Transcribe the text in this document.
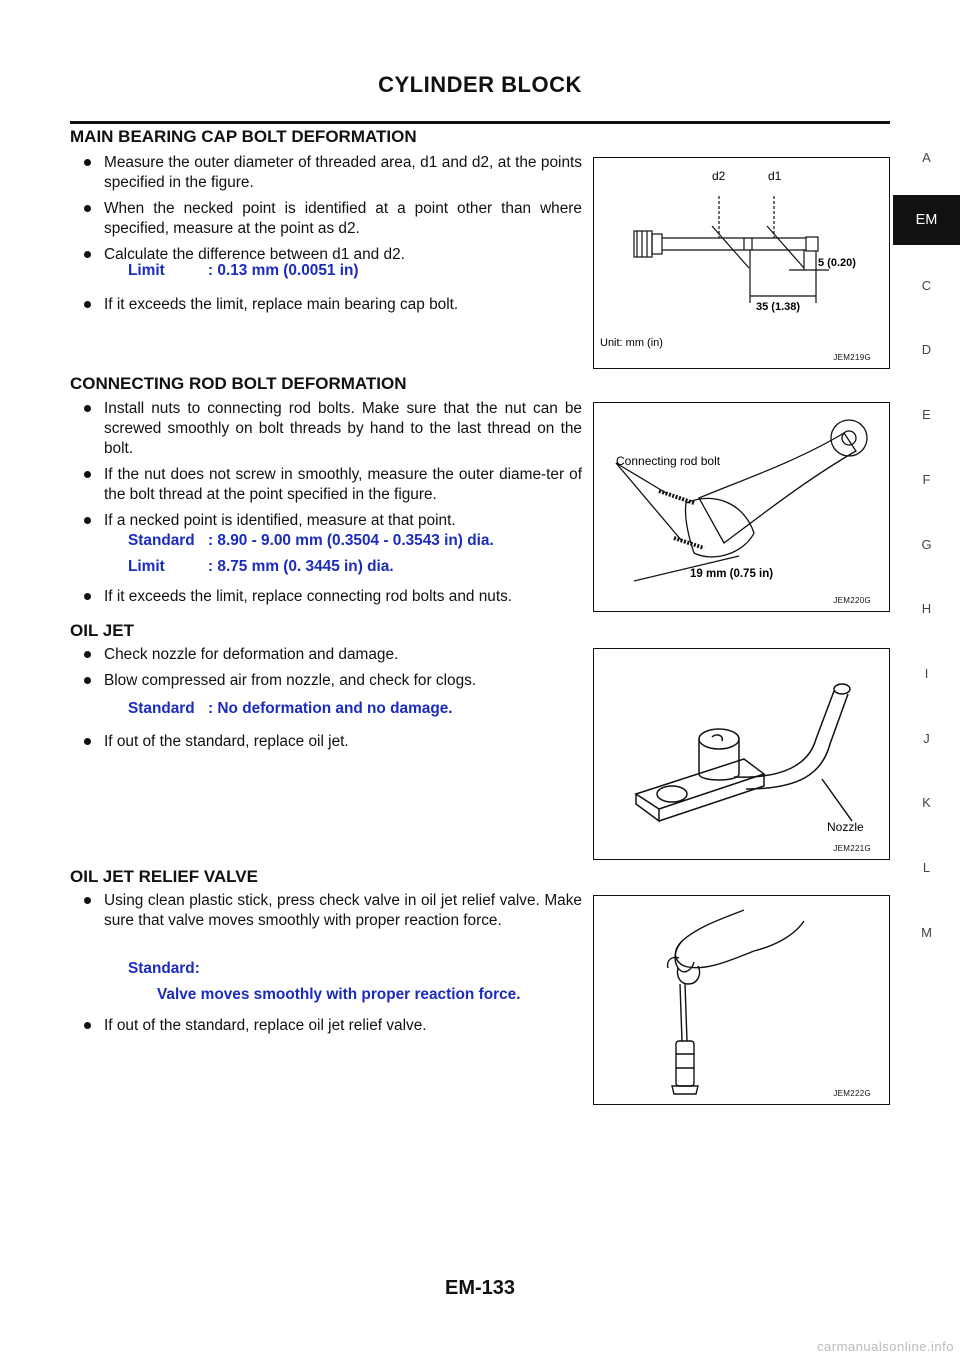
CYLINDER BLOCK
MAIN BEARING CAP BOLT DEFORMATION
Measure the outer diameter of threaded area, d1 and d2, at the points specified in the figure.
When the necked point is identified at a point other than where specified, measure at the point as d2.
Calculate the difference between d1 and d2.
Limit	: 0.13 mm (0.0051 in)
If it exceeds the limit, replace main bearing cap bolt.
d2	d1
5 (0.20)
35 (1.38)
Unit: mm (in)
JEM219G
CONNECTING ROD BOLT DEFORMATION
Install nuts to connecting rod bolts. Make sure that the nut can be screwed smoothly on bolt threads by hand to the last thread on the bolt.
If the nut does not screw in smoothly, measure the outer diame-ter of the bolt thread at the point specified in the figure.
If a necked point is identified, measure at that point.
Standard : 8.90 - 9.00 mm (0.3504 - 0.3543 in) dia.
Limit	: 8.75 mm (0. 3445 in) dia.
If it exceeds the limit, replace connecting rod bolts and nuts.
Connecting rod bolt
19 mm (0.75 in)
JEM220G
OIL JET
Check nozzle for deformation and damage.
Blow compressed air from nozzle, and check for clogs.
Standard : No deformation and no damage.
If out of the standard, replace oil jet.
Nozzle
JEM221G
OIL JET RELIEF VALVE
Using clean plastic stick, press check valve in oil jet relief valve. Make sure that valve moves smoothly with proper reaction force.
Standard:
Valve moves smoothly with proper reaction force.
If out of the standard, replace oil jet relief valve.
JEM222G
A
EM
C
D
E
F
G
H
I
J
K
L
M
EM-133
carmanualsonline.info
